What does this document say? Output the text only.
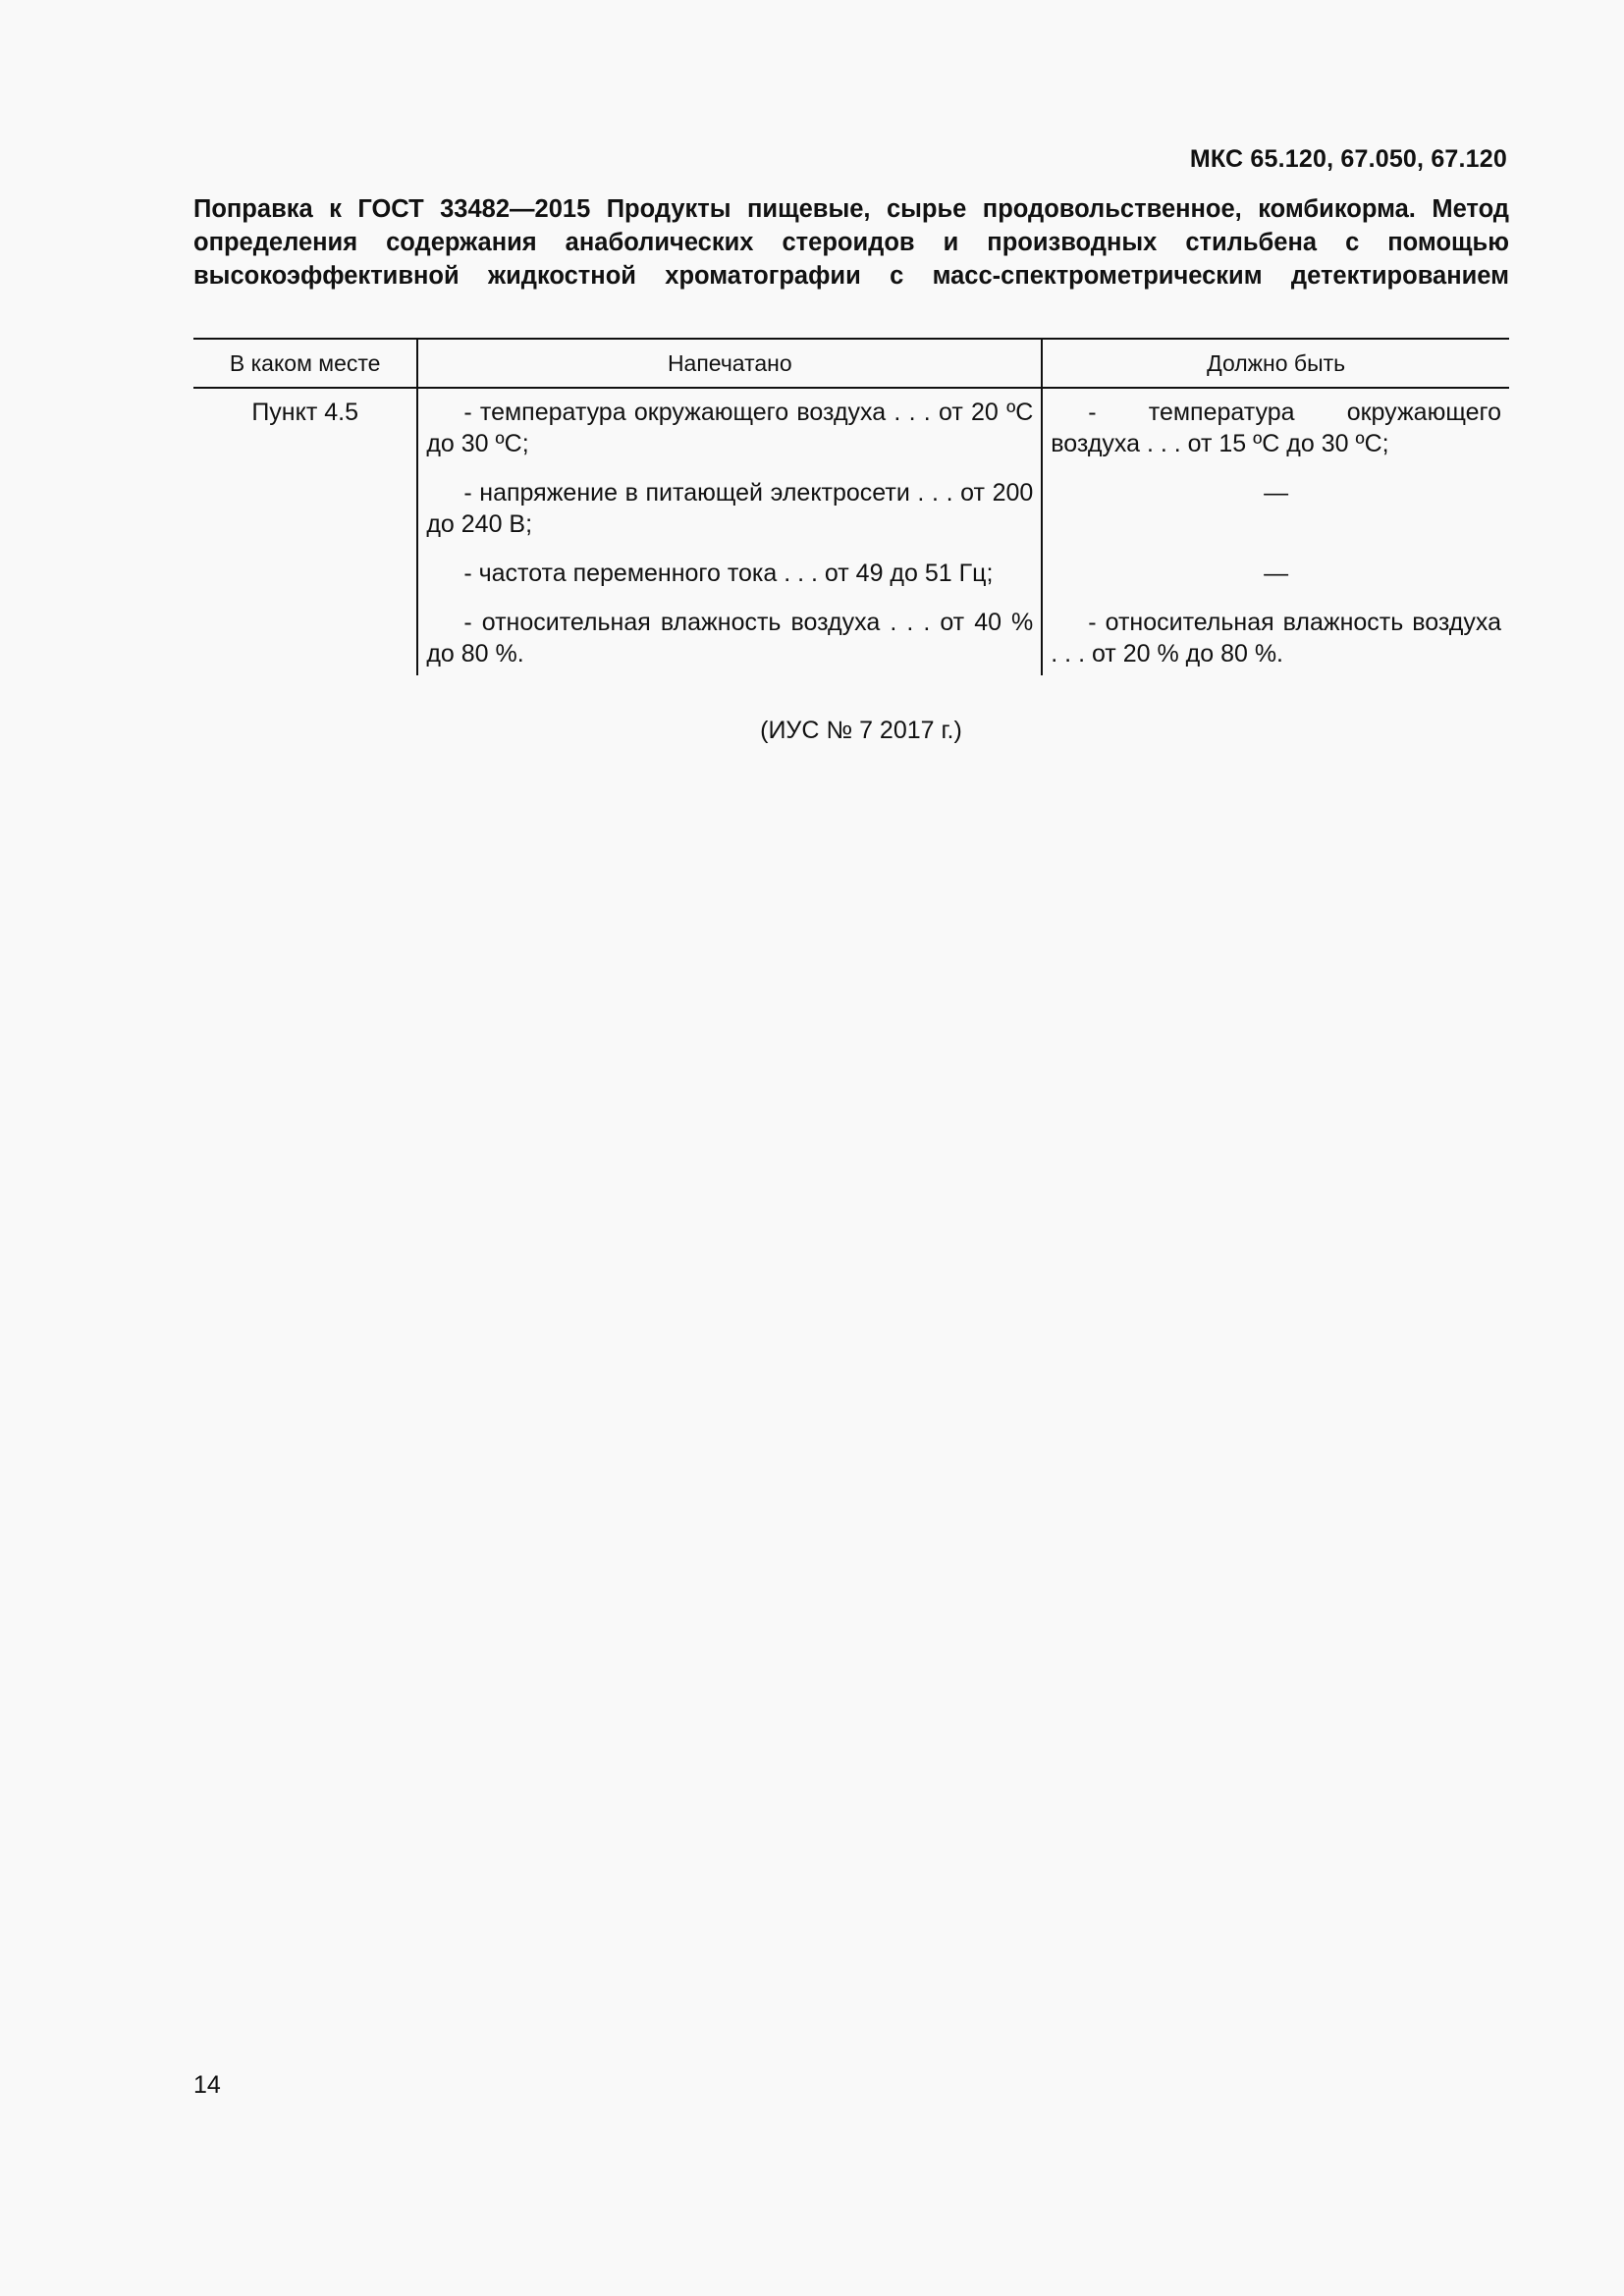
МКС 65.120, 67.050, 67.120
Поправка к ГОСТ 33482—2015 Продукты пищевые, сырье продовольственное, комбикорма. Метод определения содержания анаболических стероидов и производных стильбена с помощью высокоэффективной жидкостной хроматографии с масс-спектрометрическим детектированием
В каком месте	Напечатано	Должно быть
Пункт 4.5	- температура окружающего воздуха . . . от 20 ºС до 30 ºС;	- температура окружающего воздуха . . . от 15 ºС до 30 ºС;
	- напряжение в питающей электросети . . . от 200 до 240 В;	—
	- частота переменного тока . . . от 49 до 51 Гц;	—
	- относительная влажность воздуха . . . от 40 % до 80 %.	- относительная влажность воздуха . . . от 20 % до 80 %.
(ИУС № 7 2017 г.)
14
